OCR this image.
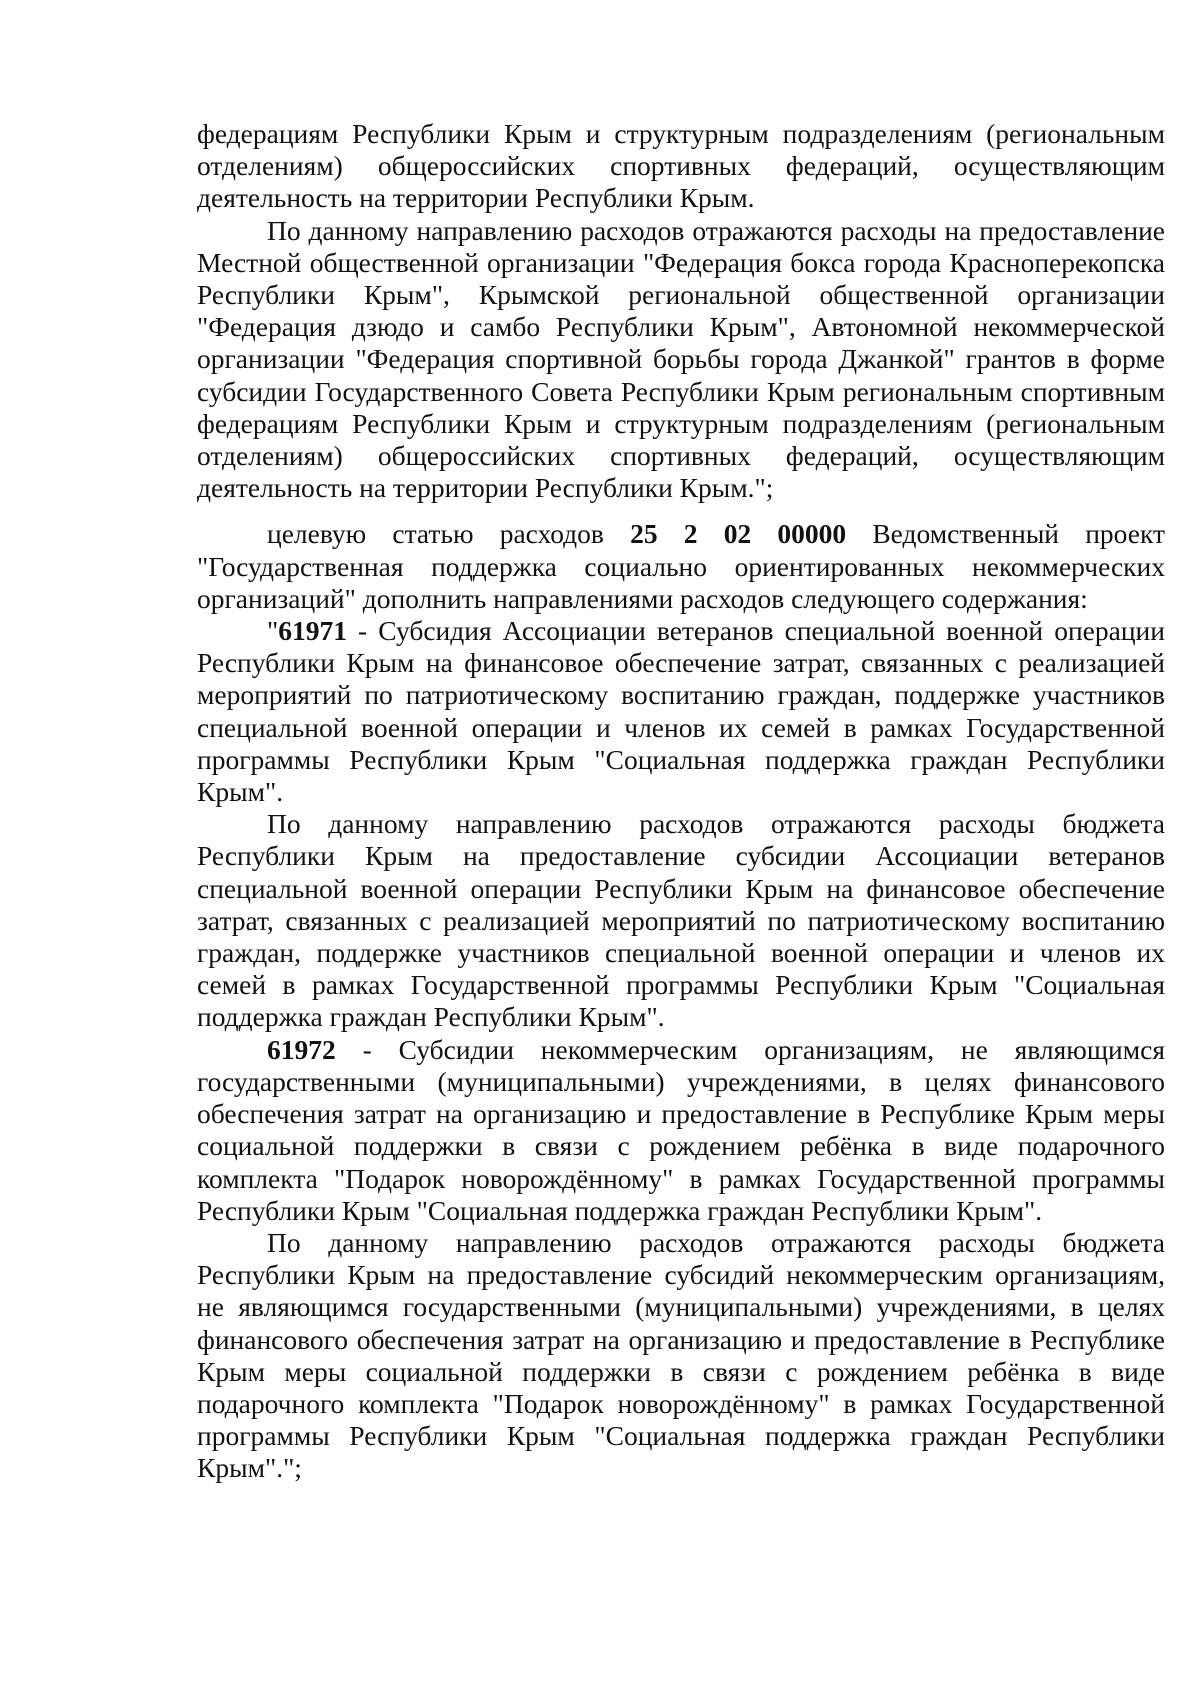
федерациям Республики Крым и структурным подразделениям (региональным отделениям) общероссийских спортивных федераций, осуществляющим деятельность на территории Республики Крым.

По данному направлению расходов отражаются расходы на предоставление Местной общественной организации "Федерация бокса города Красноперекопска Республики Крым", Крымской региональной общественной организации "Федерация дзюдо и самбо Республики Крым", Автономной некоммерческой организации "Федерация спортивной борьбы города Джанкой" грантов в форме субсидии Государственного Совета Республики Крым региональным спортивным федерациям Республики Крым и структурным подразделениям (региональным отделениям) общероссийских спортивных федераций, осуществляющим деятельность на территории Республики Крым.";

целевую статью расходов 25 2 02 00000 Ведомственный проект "Государственная поддержка социально ориентированных некоммерческих организаций" дополнить направлениями расходов следующего содержания:

"61971 - Субсидия Ассоциации ветеранов специальной военной операции Республики Крым на финансовое обеспечение затрат, связанных с реализацией мероприятий по патриотическому воспитанию граждан, поддержке участников специальной военной операции и членов их семей в рамках Государственной программы Республики Крым "Социальная поддержка граждан Республики Крым".

По данному направлению расходов отражаются расходы бюджета Республики Крым на предоставление субсидии Ассоциации ветеранов специальной военной операции Республики Крым на финансовое обеспечение затрат, связанных с реализацией мероприятий по патриотическому воспитанию граждан, поддержке участников специальной военной операции и членов их семей в рамках Государственной программы Республики Крым "Социальная поддержка граждан Республики Крым".

61972 - Субсидии некоммерческим организациям, не являющимся государственными (муниципальными) учреждениями, в целях финансового обеспечения затрат на организацию и предоставление в Республике Крым меры социальной поддержки в связи с рождением ребёнка в виде подарочного комплекта "Подарок новорождённому" в рамках Государственной программы Республики Крым "Социальная поддержка граждан Республики Крым".

По данному направлению расходов отражаются расходы бюджета Республики Крым на предоставление субсидий некоммерческим организациям, не являющимся государственными (муниципальными) учреждениями, в целях финансового обеспечения затрат на организацию и предоставление в Республике Крым меры социальной поддержки в связи с рождением ребёнка в виде подарочного комплекта "Подарок новорождённому" в рамках Государственной программы Республики Крым "Социальная поддержка граждан Республики Крым".";
